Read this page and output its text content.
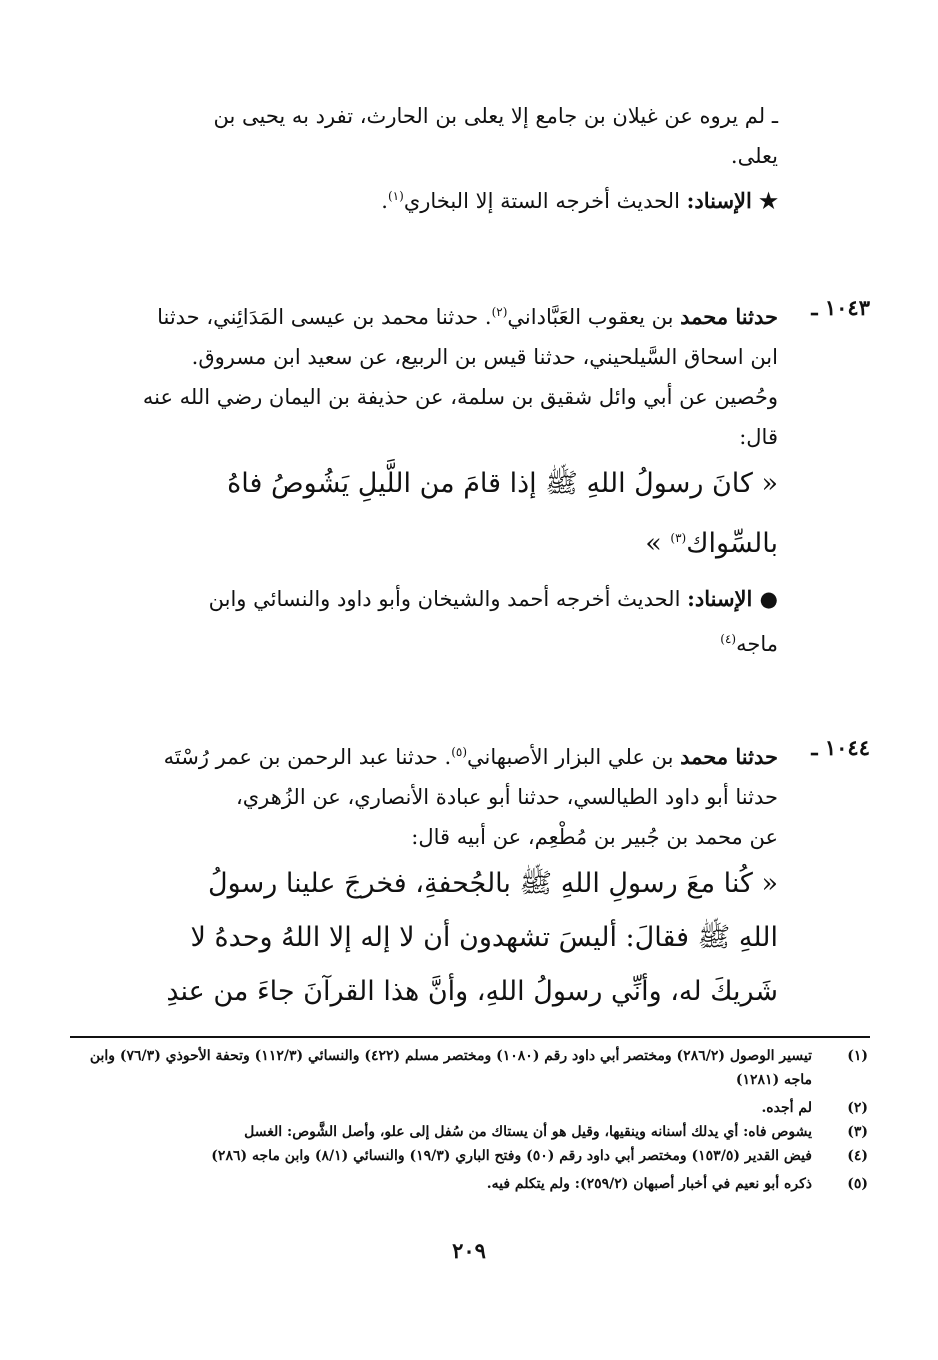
ـ لم يروه عن غيلان بن جامع إلا يعلى بن الحارث، تفرد به يحيى بن
يعلى.
★ الإسناد: الحديث أخرجه الستة إلا البخاري$^{(١)}$.
١٠٤٣ ـ
حدثنا محمد بن يعقوب العَبَّاداني$^{(٢)}$. حدثنا محمد بن عيسى المَدَائِني، حدثنا
ابن اسحاق السَّيلحيني، حدثنا قيس بن الربيع، عن سعيد ابن مسروق.
وحُصين عن أبي وائل شقيق بن سلمة، عن حذيفة بن اليمان رضي الله عنه
قال:
« كانَ رسولُ اللهِ ﷺ إذا قامَ من اللَّيلِ يَشُوصُ فاهُ
بالسِّواك$^{(٣)}$ »
● الإسناد: الحديث أخرجه أحمد والشيخان وأبو داود والنسائي وابن
ماجه$^{(٤)}$
١٠٤٤ ـ
حدثنا محمد بن علي البزار الأصبهاني$^{(٥)}$. حدثنا عبد الرحمن بن عمر رُسْتَه
حدثنا أبو داود الطيالسي، حدثنا أبو عبادة الأنصاري، عن الزُهري،
عن محمد بن جُبير بن مُطْعِم، عن أبيه قال:
« كُنا معَ رسولِ اللهِ ﷺ بالجُحفةِ، فخرجَ علينا رسولُ
اللهِ ﷺ فقالَ: أليسَ تشهدون أن لا إله إلا اللهُ وحدهُ لا
شَريكَ له، وأنِّي رسولُ اللهِ، وأنَّ هذا القرآنَ جاءَ من عندِ
(١)
تيسير الوصول (٢٨٦/٢) ومختصر أبي داود رقم (١٠٨٠) ومختصر مسلم (٤٢٢) والنسائي (١١٢/٣) وتحفة الأحوذي (٧٦/٣) وابن ماجه (١٢٨١)
(٢)
لم أجده.
(٣)
يشوص فاه: أي يدلك أسنانه وينقيها، وقيل هو أن يستاك من سُفل إلى علو، وأصل الشَّوص: الغسل
(٤)
فيض القدير (١٥٣/٥) ومختصر أبي داود رقم (٥٠) وفتح الباري (١٩/٣) والنسائي (٨/١) وابن ماجه (٢٨٦)
(٥)
ذكره أبو نعيم في أخبار أصبهان (٢٥٩/٢): ولم يتكلم فيه.
٢٠٩
